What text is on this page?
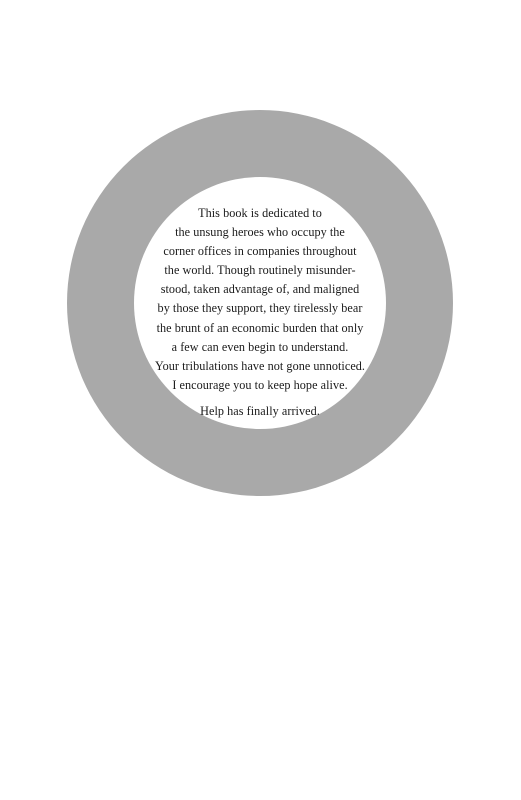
This book is dedicated to
the unsung heroes who occupy the
corner offices in companies throughout
the world. Though routinely misunder-
stood, taken advantage of, and maligned
by those they support, they tirelessly bear
the brunt of an economic burden that only
a few can even begin to understand.
Your tribulations have not gone unnoticed.
I encourage you to keep hope alive.
Help has finally arrived.
